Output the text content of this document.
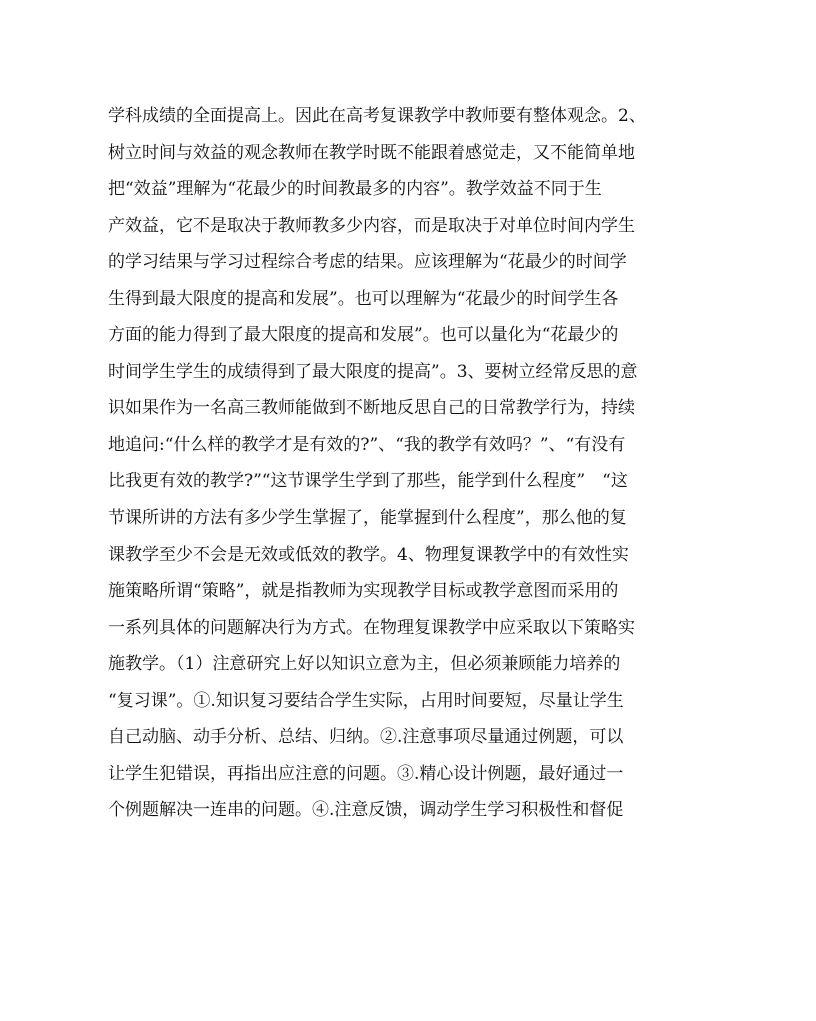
学科成绩的全面提高上。因此在高考复课教学中教师要有整体观念。2、
树立时间与效益的观念教师在教学时既不能跟着感觉走，又不能简单地
把“效益”理解为“花最少的时间教最多的内容”。教学效益不同于生
产效益，它不是取决于教师教多少内容，而是取决于对单位时间内学生
的学习结果与学习过程综合考虑的结果。应该理解为“花最少的时间学
生得到最大限度的提高和发展”。也可以理解为“花最少的时间学生各
方面的能力得到了最大限度的提高和发展”。也可以量化为“花最少的
时间学生学生的成绩得到了最大限度的提高”。3、要树立经常反思的意
识如果作为一名高三教师能做到不断地反思自己的日常教学行为，持续
地追问:“什么样的教学才是有效的?”、“我的教学有效吗？”、“有没有
比我更有效的教学?”“这节课学生学到了那些，能学到什么程度”　“这
节课所讲的方法有多少学生掌握了，能掌握到什么程度”，那么他的复
课教学至少不会是无效或低效的教学。4、物理复课教学中的有效性实
施策略所谓“策略”，就是指教师为实现教学目标或教学意图而采用的
一系列具体的问题解决行为方式。在物理复课教学中应采取以下策略实
施教学。（1）注意研究上好以知识立意为主，但必须兼顾能力培养的
“复习课”。①.知识复习要结合学生实际，占用时间要短，尽量让学生
自己动脑、动手分析、总结、归纳。②.注意事项尽量通过例题，可以
让学生犯错误，再指出应注意的问题。③.精心设计例题，最好通过一
个例题解决一连串的问题。④.注意反馈，调动学生学习积极性和督促
